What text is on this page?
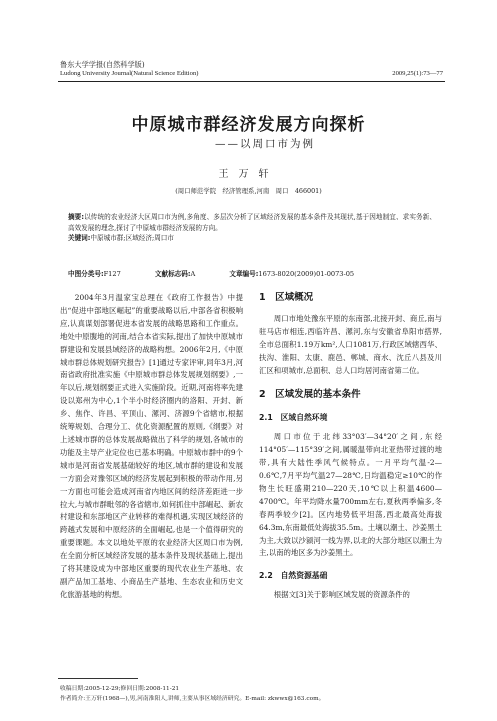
鲁东大学学报(自然科学版)
Ludong University Journal(Natural Science Edition)	2009,25(1):73—77
中原城市群经济发展方向探析
——以周口市为例
王万轩
(周口师范学院　经济管理系,河南　周口　466001)
摘要:以传统的农业经济大区周口市为例,多角度、多层次分析了区域经济发展的基本条件及其现状,基于因地制宜、求实务新、高效发展的理念,探讨了中原城市群经济发展的方向。
关键词:中原城市群;区域经济;周口市
中图分类号:F127	文献标志码:A	文章编号:1673-8020(2009)01-0073-05

2004年3月温家宝总理在《政府工作报告》中提出“促进中部地区崛起”的重要战略以后,中部各省积极响应,认真谋划部署促进本省发展的战略思路和工作重点。地处中原腹地的河南,结合本省实际,提出了加快中原城市群建设和发展县域经济的战略构想。2006年2月,《中原城市群总体规划研究报告》[1]通过专家评审,同年3月,河南省政府批准实施《中原城市群总体发展规划纲要》,一年以后,规划纲要正式进入实施阶段。近期,河南将率先建设以郑州为中心,1个半小时经济圈内的洛阳、开封、新乡、焦作、许昌、平顶山、漯河、济源9个省辖市,根据统筹规划、合理分工、优化资源配置的原则,《纲要》对上述城市群的总体发展战略做出了科学的规划,各城市的功能及主导产业定位也已基本明确。中原城市群中的9个城市是河南省发展基础较好的地区,城市群的建设和发展一方面会对豫邻区域的经济发展起到积极的带动作用,另一方面也可能会造成河南省内地区间的经济差距进一步拉大,与城市群毗邻的各省辖市,如何抓住中部崛起、新农村建设和东部地区产业转移的难得机遇,实现区域经济的跨越式发展和中原经济的全面崛起,也是一个值得研究的重要课题。本文以地处平原的农业经济大区周口市为例,在全面分析区域经济发展的基本条件及现状基础上,提出了将其建设成为中部地区重要的现代农业生产基地、农副产品加工基地、小商品生产基地、生态农业和历史文化旅游基地的构想。

1　区域概况

周口市地处豫东平原的东南部,北接开封、商丘,南与驻马店市相连,西临许昌、漯河,东与安徽省阜阳市搭界,全市总面积1.19万km²,人口1081万,行政区域辖西华、扶沟、淮阳、太康、鹿邑、郸城、商水、沈丘八县及川汇区和项城市,总面积、总人口均居河南省第二位。

2　区域发展的基本条件
2.1　区域自然环境

周口市位于北纬33°03′—34°20′之间,东经114°05′—115°39′之间,属暖温带向北亚热带过渡的地带,具有大陆性季风气候特点。一月平均气温-2—0.6℃,7月平均气温27—28℃,日均温稳定≥10℃的作物生长旺盛期210—220天,10℃以上积温4600—4700℃。年平均降水量700mm左右,夏秋两季偏多,冬春两季较少[2]。区内地势低平坦荡,西北最高处海拔64.3m,东南最低处海拔35.5m。土壤以潮土、沙姜黑土为主,大致以沙颍河一线为界,以北的大部分地区以潮土为主,以南的地区多为沙姜黑土。

2.2　自然资源基础

根据文[3]关于影响区域发展的资源条件的

收稿日期:2005-12-29;修回日期:2008-11-21
作者简介:王万轩(1968—),男,河南淮阳人,讲师,主要从事区域经济研究。E-mail: zkwwx@163.com。
